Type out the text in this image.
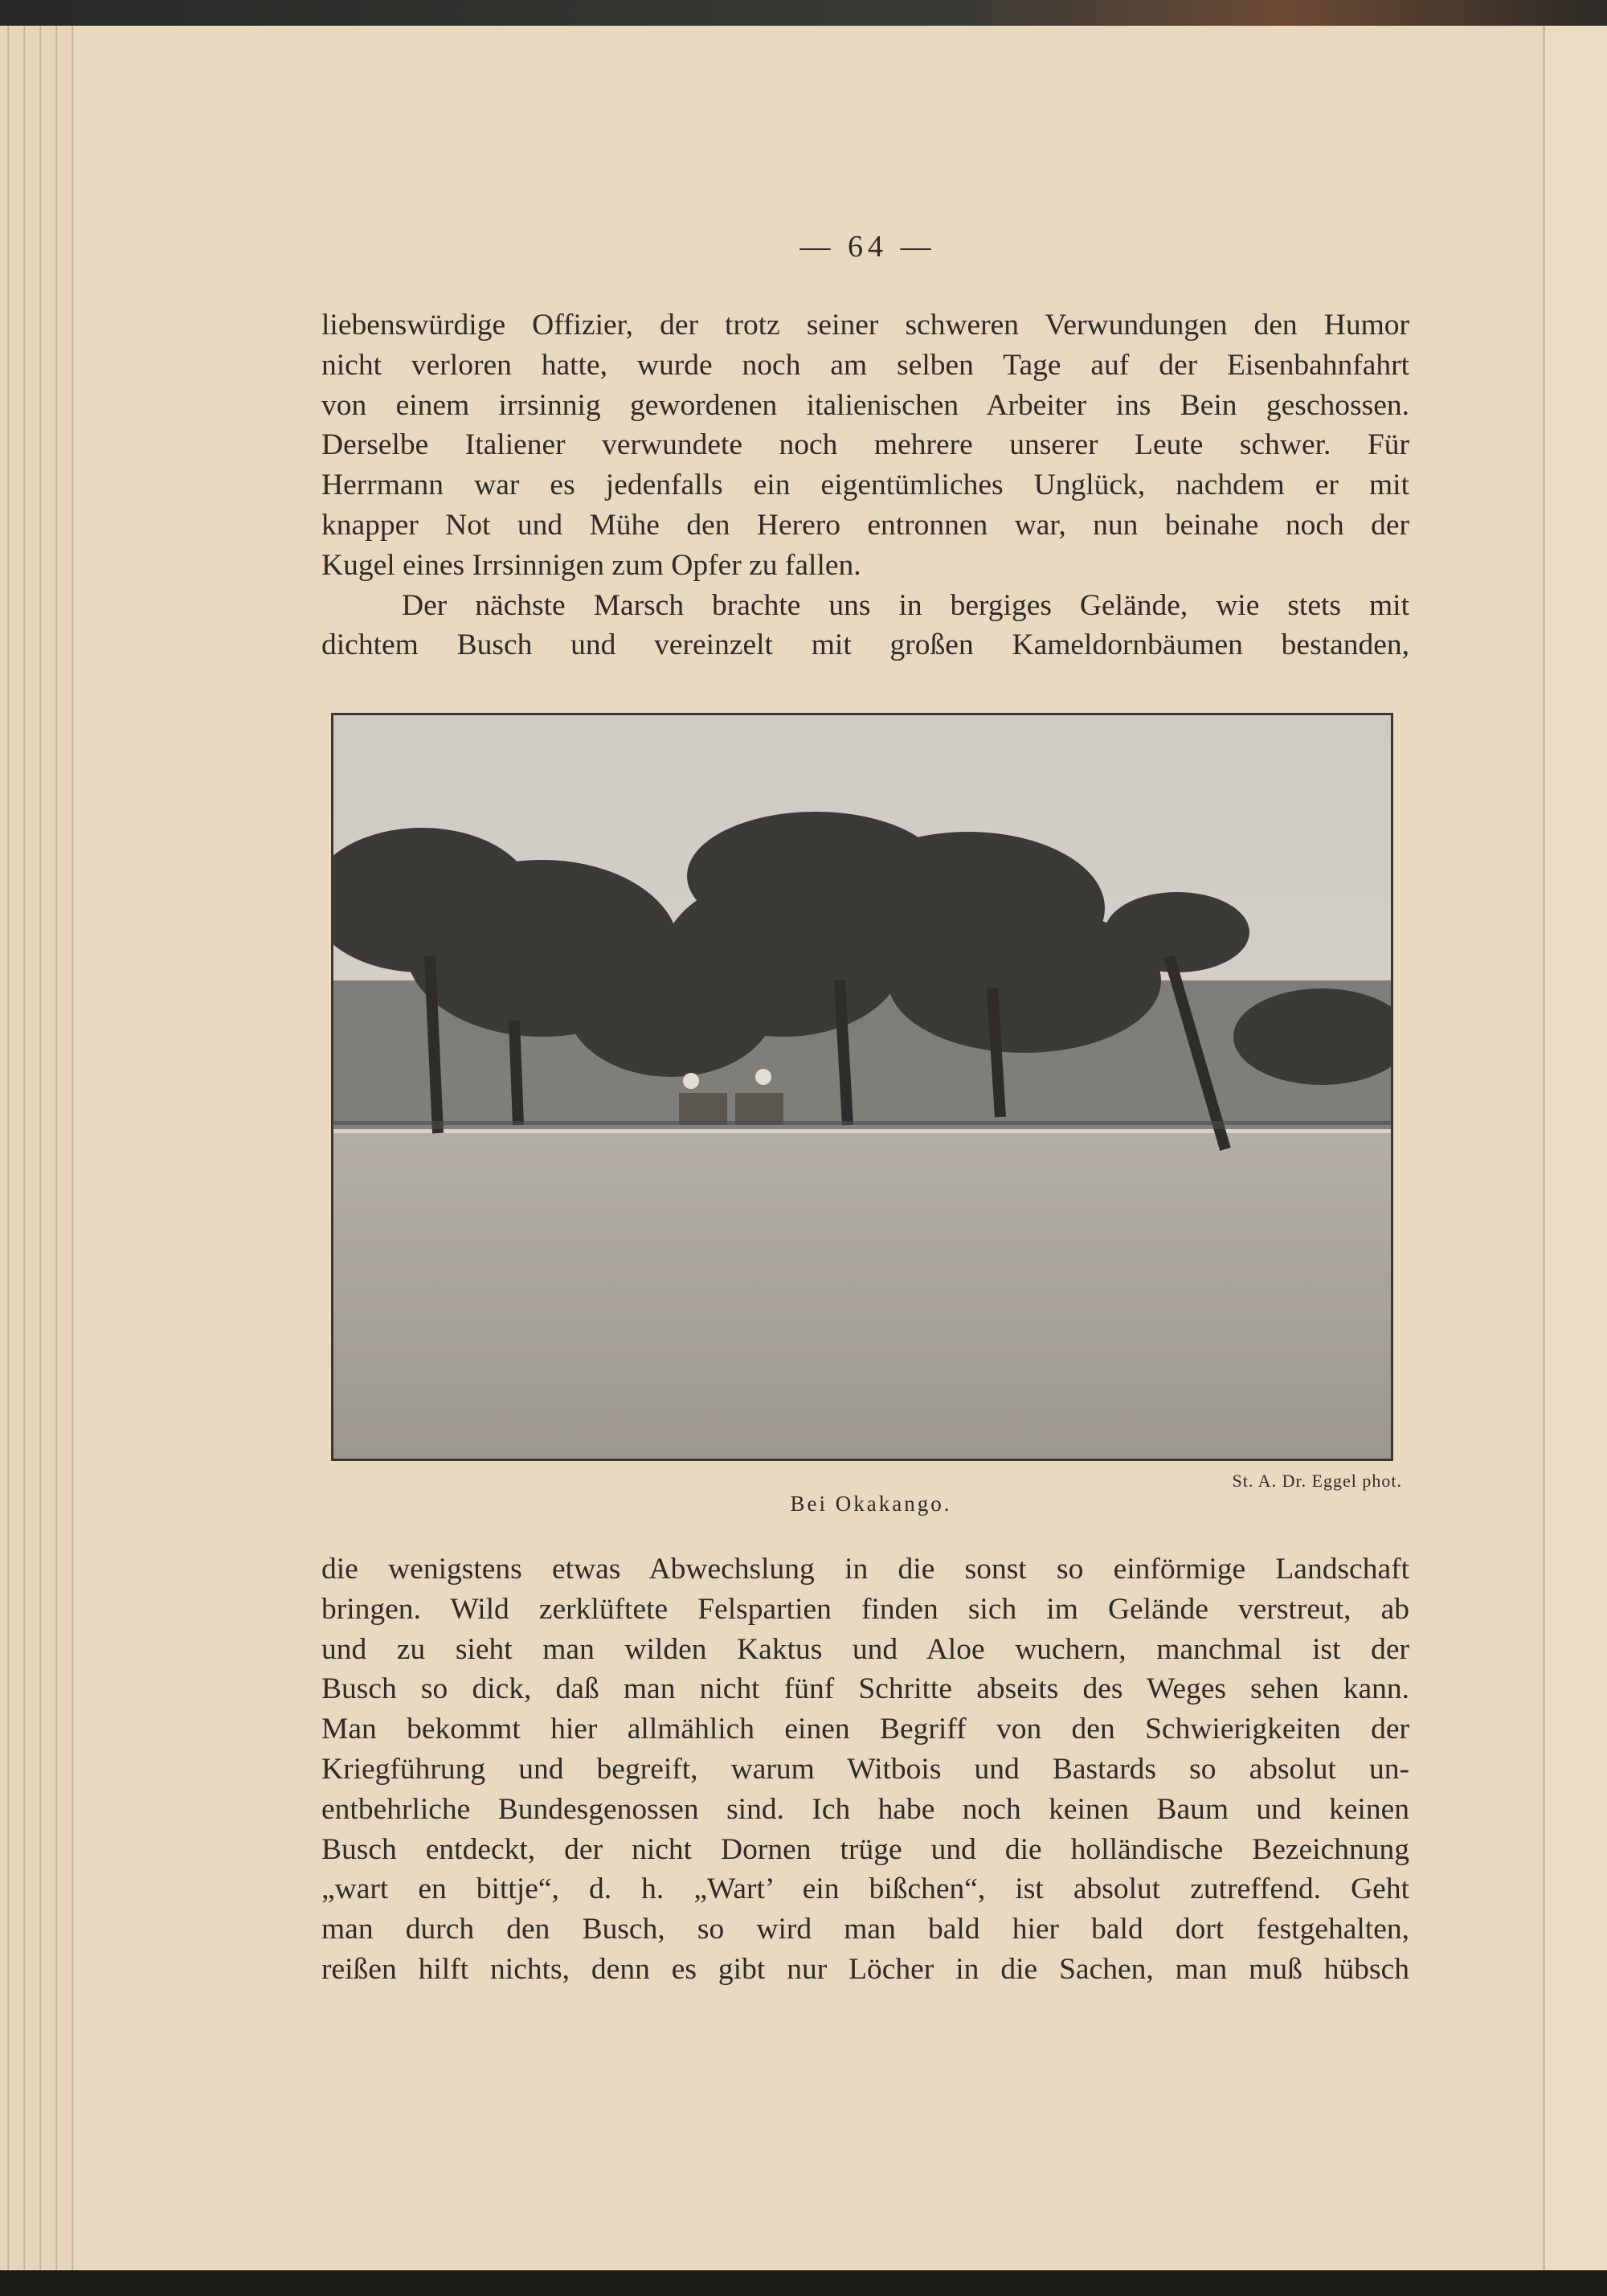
— 64 —
liebenswürdige Offizier, der trotz seiner schweren Verwundungen den Humor
nicht verloren hatte, wurde noch am selben Tage auf der Eisenbahnfahrt
von einem irrsinnig gewordenen italienischen Arbeiter ins Bein geschossen.
Derselbe Italiener verwundete noch mehrere unserer Leute schwer. Für
Herrmann war es jedenfalls ein eigentümliches Unglück, nachdem er mit
knapper Not und Mühe den Herero entronnen war, nun beinahe noch der
Kugel eines Irrsinnigen zum Opfer zu fallen.
Der nächste Marsch brachte uns in bergiges Gelände, wie stets mit
dichtem Busch und vereinzelt mit großen Kameldornbäumen bestanden,
St. A. Dr. Eggel phot.
Bei Okakango.
die wenigstens etwas Abwechslung in die sonst so einförmige Landschaft
bringen. Wild zerklüftete Felspartien finden sich im Gelände verstreut, ab
und zu sieht man wilden Kaktus und Aloe wuchern, manchmal ist der
Busch so dick, daß man nicht fünf Schritte abseits des Weges sehen kann.
Man bekommt hier allmählich einen Begriff von den Schwierigkeiten der
Kriegführung und begreift, warum Witbois und Bastards so absolut un-
entbehrliche Bundesgenossen sind. Ich habe noch keinen Baum und keinen
Busch entdeckt, der nicht Dornen trüge und die holländische Bezeichnung
„wart en bittje“, d. h. „Wart’ ein bißchen“, ist absolut zutreffend. Geht
man durch den Busch, so wird man bald hier bald dort festgehalten,
reißen hilft nichts, denn es gibt nur Löcher in die Sachen, man muß hübsch
